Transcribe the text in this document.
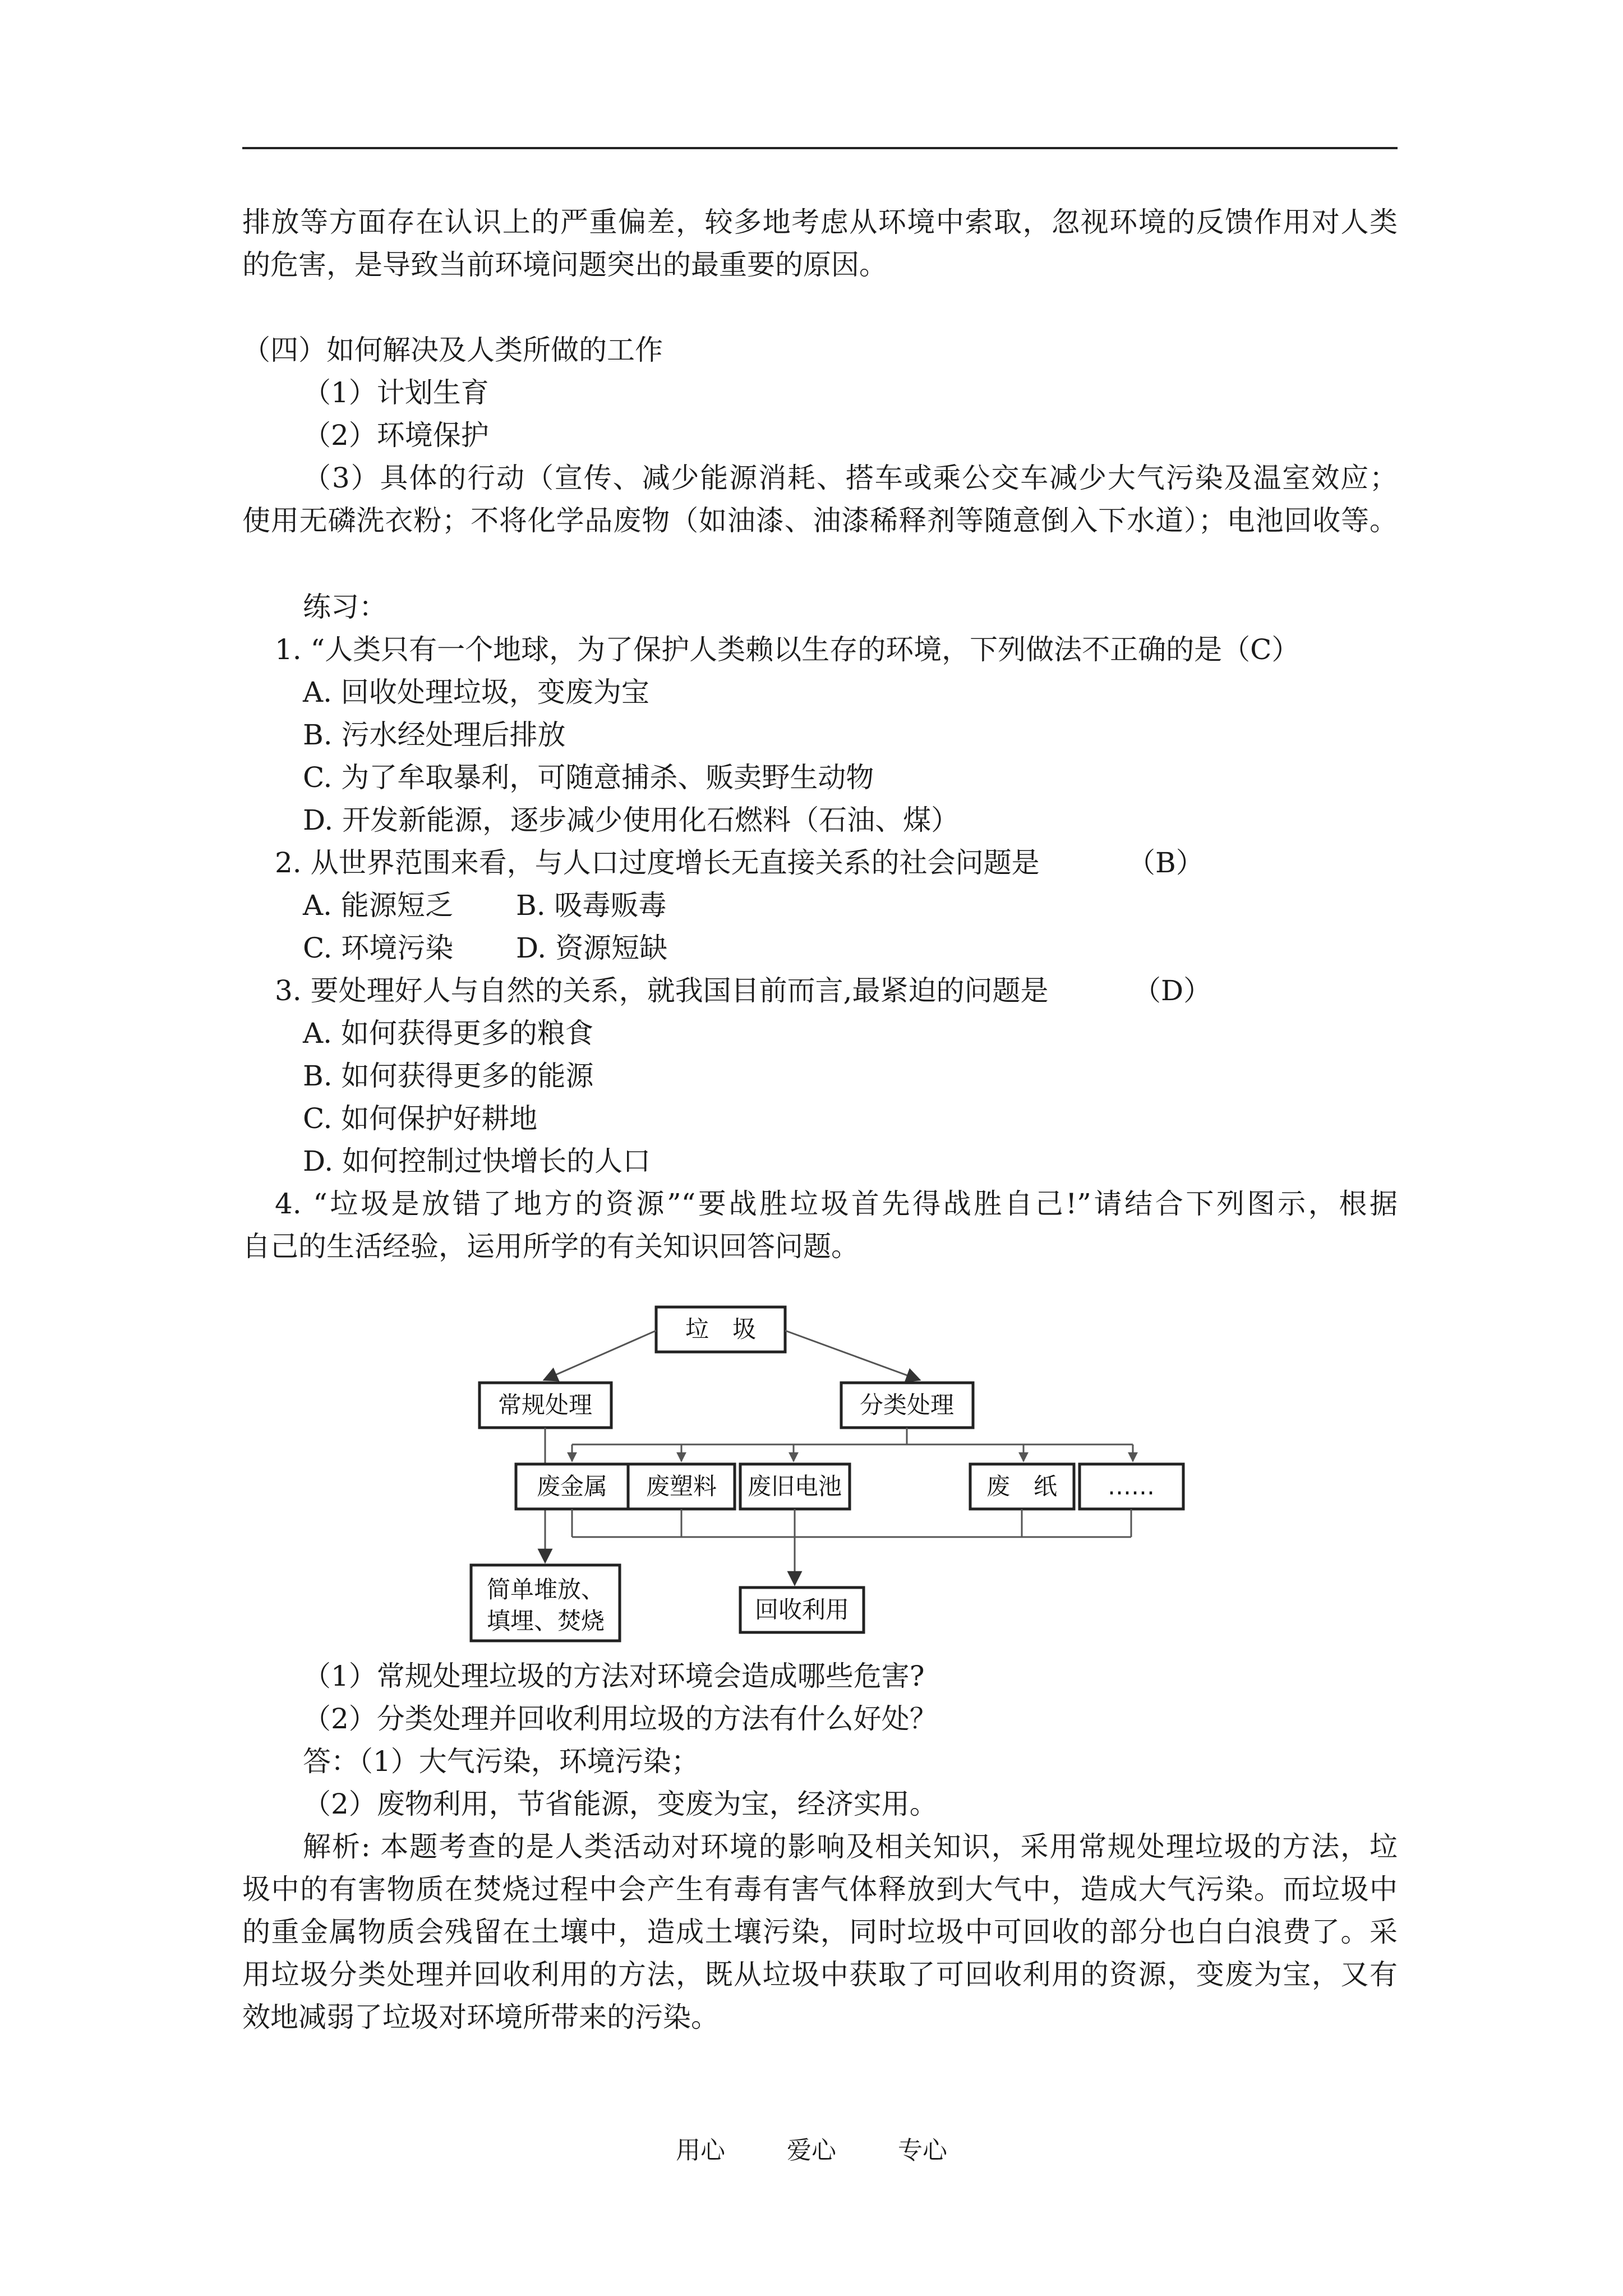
排放等方面存在认识上的严重偏差，较多地考虑从环境中索取，忽视环境的反馈作用对人类
的危害，是导致当前环境问题突出的最重要的原因。
（四）如何解决及人类所做的工作
（1）计划生育
（2）环境保护
（3）具体的行动（宣传、减少能源消耗、搭车或乘公交车减少大气污染及温室效应；
使用无磷洗衣粉；不将化学品废物（如油漆、油漆稀释剂等随意倒入下水道）；电池回收等。
练习：
1. “人类只有一个地球，为了保护人类赖以生存的环境，下列做法不正确的是（C）
A. 回收处理垃圾，变废为宝
B. 污水经处理后排放
C. 为了牟取暴利，可随意捕杀、贩卖野生动物
D. 开发新能源，逐步减少使用化石燃料（石油、煤）
2. 从世界范围来看，与人口过度增长无直接关系的社会问题是	（B）
A. 能源短乏 B. 吸毒贩毒
C. 环境污染 D. 资源短缺
3. 要处理好人与自然的关系，就我国目前而言,最紧迫的问题是	（D）
A. 如何获得更多的粮食
B. 如何获得更多的能源
C. 如何保护好耕地
D. 如何控制过快增长的人口
4. “垃圾是放错了地方的资源”“要战胜垃圾首先得战胜自己!”请结合下列图示，根据
自己的生活经验，运用所学的有关知识回答问题。
垃　圾
常规处理	分类处理
简单堆放、
填埋、焚烧
废金属 废塑料 废旧电池	废　纸 ……
回收利用
（1）常规处理垃圾的方法对环境会造成哪些危害?
（2）分类处理并回收利用垃圾的方法有什么好处？
答：（1）大气污染，环境污染；
（2）废物利用，节省能源，变废为宝，经济实用。
解析: 本题考查的是人类活动对环境的影响及相关知识，采用常规处理垃圾的方法，垃
圾中的有害物质在焚烧过程中会产生有毒有害气体释放到大气中，造成大气污染。而垃圾中
的重金属物质会残留在土壤中，造成土壤污染，同时垃圾中可回收的部分也白白浪费了。采
用垃圾分类处理并回收利用的方法，既从垃圾中获取了可回收利用的资源，变废为宝，又有
效地减弱了垃圾对环境所带来的污染。
用心	爱心	专心
